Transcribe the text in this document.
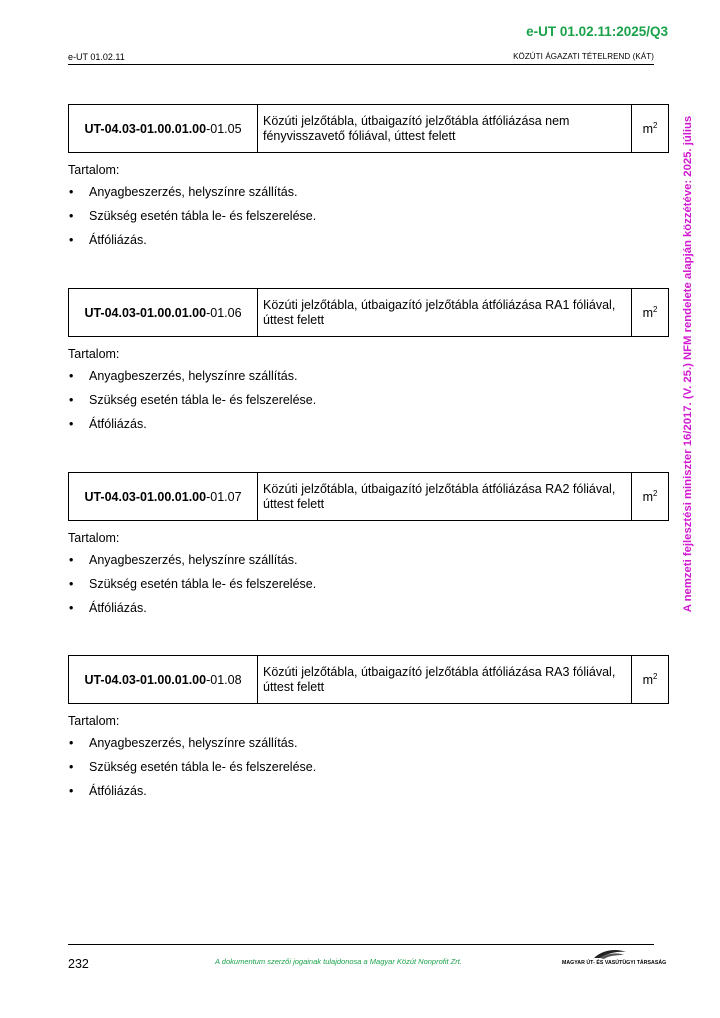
e-UT 01.02.11:2025/Q3
e-UT 01.02.11	KÖZÚTI ÁGAZATI TÉTELREND (KÁT)
A nemzeti fejlesztési miniszter 16/2017. (V. 25.) NFM rendelete alapján közzétéve: 2025. július
UT-04.03-01.00.01.00-01.05	Közúti jelzőtábla, útbaigazító jelzőtábla átfóliázása nem fényvisszavető fóliával, úttest felett	$m^2$
Tartalom:
• Anyagbeszerzés, helyszínre szállítás.
• Szükség esetén tábla le- és felszerelése.
• Átfóliázás.
UT-04.03-01.00.01.00-01.06	Közúti jelzőtábla, útbaigazító jelzőtábla átfóliázása RA1 fóliával, úttest felett	$m^2$
Tartalom:
• Anyagbeszerzés, helyszínre szállítás.
• Szükség esetén tábla le- és felszerelése.
• Átfóliázás.
UT-04.03-01.00.01.00-01.07	Közúti jelzőtábla, útbaigazító jelzőtábla átfóliázása RA2 fóliával, úttest felett	$m^2$
Tartalom:
• Anyagbeszerzés, helyszínre szállítás.
• Szükség esetén tábla le- és felszerelése.
• Átfóliázás.
UT-04.03-01.00.01.00-01.08	Közúti jelzőtábla, útbaigazító jelzőtábla átfóliázása RA3 fóliával, úttest felett	$m^2$
Tartalom:
• Anyagbeszerzés, helyszínre szállítás.
• Szükség esetén tábla le- és felszerelése.
• Átfóliázás.
232	A dokumentum szerzői jogainak tulajdonosa a Magyar Közút Nonprofit Zrt.	MAGYAR ÚT- ÉS VASÚTÜGYI TÁRSASÁG
